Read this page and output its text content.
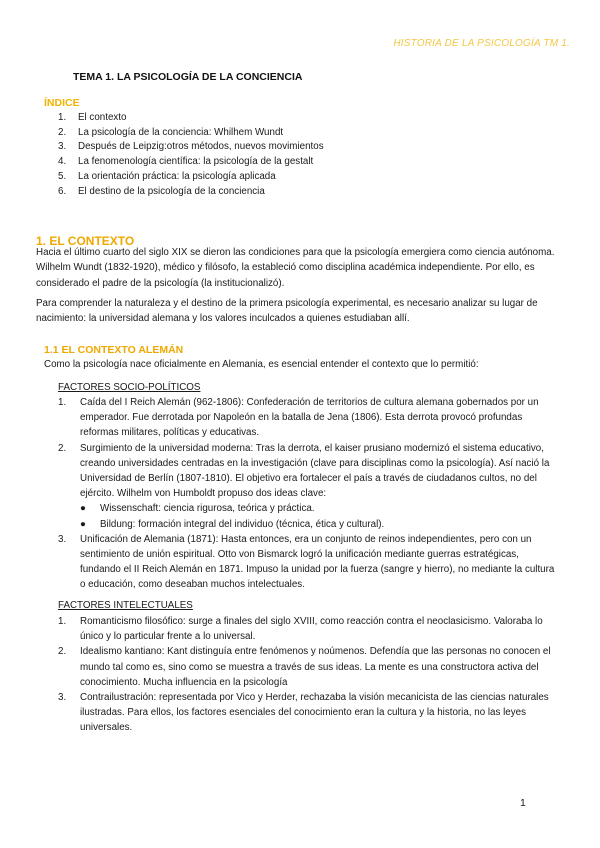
HISTORIA DE LA PSICOLOGÍA TM 1.
TEMA 1. LA PSICOLOGÍA DE LA CONCIENCIA
ÍNDICE
1.	El contexto
2.	La psicología de la conciencia: Whilhem Wundt
3.	Después de Leipzig:otros métodos, nuevos movimientos
4.	La fenomenología científica: la psicología de la gestalt
5.	La orientación práctica: la psicología aplicada
6.	El destino de la psicología de la conciencia
1. EL CONTEXTO

Hacia el último cuarto del siglo XIX se dieron las condiciones para que la psicología emergiera como ciencia autónoma. Wilhelm Wundt (1832-1920), médico y filósofo, la estableció como disciplina académica independiente. Por ello, es considerado el padre de la psicología (la institucionalizó).

Para comprender la naturaleza y el destino de la primera psicología experimental, es necesario analizar su lugar de nacimiento: la universidad alemana y los valores inculcados a quienes estudiaban allí.

1.1 EL CONTEXTO ALEMÁN
Como la psicología nace oficialmente en Alemania, es esencial entender el contexto que lo permitió:
FACTORES SOCIO-POLÍTICOS
1.	Caída del I Reich Alemán (962-1806): Confederación de territorios de cultura alemana gobernados por un emperador. Fue derrotada por Napoleón en la batalla de Jena (1806). Esta derrota provocó profundas reformas militares, políticas y educativas.
2.	Surgimiento de la universidad moderna: Tras la derrota, el kaiser prusiano modernizó el sistema educativo, creando universidades centradas en la investigación (clave para disciplinas como la psicología). Así nació la Universidad de Berlín (1807-1810). El objetivo era fortalecer el país a través de ciudadanos cultos, no del ejército. Wilhelm von Humboldt propuso dos ideas clave:
●	Wissenschaft: ciencia rigurosa, teórica y práctica.
●	Bildung: formación integral del individuo (técnica, ética y cultural).
3.	Unificación de Alemania (1871): Hasta entonces, era un conjunto de reinos independientes, pero con un sentimiento de unión espiritual. Otto von Bismarck logró la unificación mediante guerras estratégicas, fundando el II Reich Alemán en 1871. Impuso la unidad por la fuerza (sangre y hierro), no mediante la cultura o educación, como deseaban muchos intelectuales.
FACTORES INTELECTUALES
1.	Romanticismo filosófico: surge a finales del siglo XVIII, como reacción contra el neoclasicismo. Valoraba lo único y lo particular frente a lo universal.
2.	Idealismo kantiano: Kant distinguía entre fenómenos y noúmenos. Defendía que las personas no conocen el mundo tal como es, sino como se muestra a través de sus ideas. La mente es una constructora activa del conocimiento. Mucha influencia en la psicología
3.	Contrailustración: representada por Vico y Herder, rechazaba la visión mecanicista de las ciencias naturales ilustradas. Para ellos, los factores esenciales del conocimiento eran la cultura y la historia, no las leyes universales.
1
